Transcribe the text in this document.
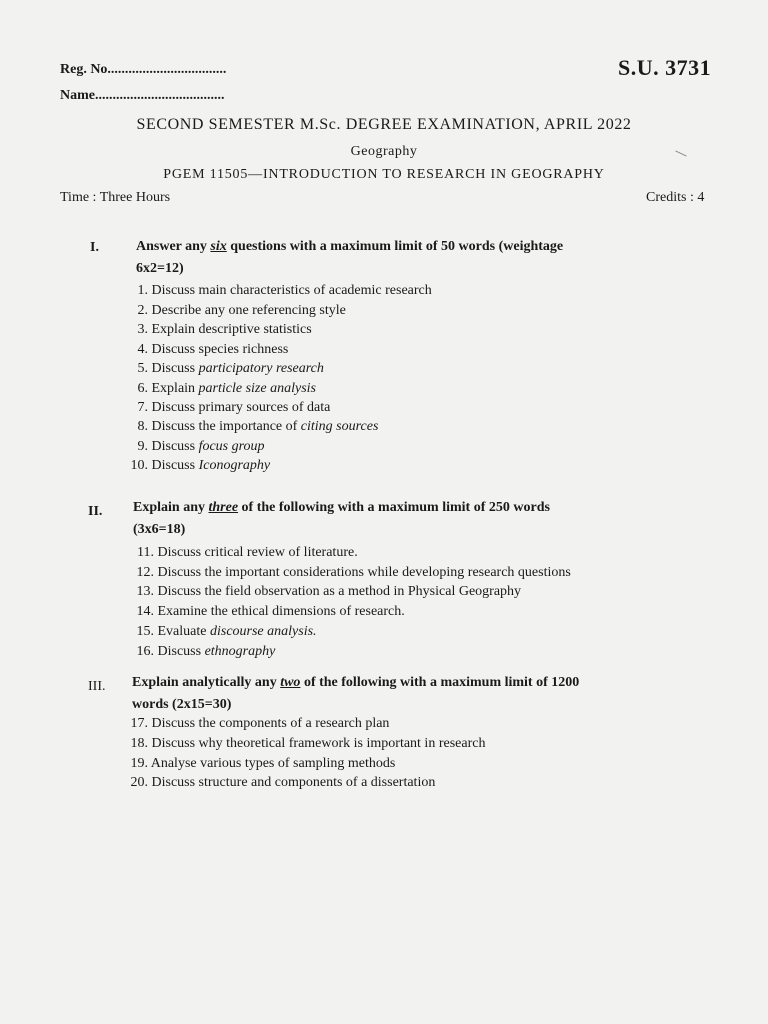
Reg. No..................................
Name.....................................
S.U. 3731
SECOND SEMESTER M.Sc. DEGREE EXAMINATION, APRIL 2022
Geography
PGEM 11505—INTRODUCTION TO RESEARCH IN GEOGRAPHY
Time : Three Hours	Credits : 4
I.	Answer any six questions with a maximum limit of 50 words (weightage
6x2=12)
1. Discuss main characteristics of academic research
2. Describe any one referencing style
3. Explain descriptive statistics
4. Discuss species richness
5. Discuss participatory research
6. Explain particle size analysis
7. Discuss primary sources of data
8. Discuss the importance of citing sources
9. Discuss focus group
10. Discuss Iconography
II. Explain any three of the following with a maximum limit of 250 words
(3x6=18)
11. Discuss critical review of literature.
12. Discuss the important considerations while developing research questions
13. Discuss the field observation as a method in Physical Geography
14. Examine the ethical dimensions of research.
15. Evaluate discourse analysis.
16. Discuss ethnography
III. Explain analytically any two of the following with a maximum limit of 1200
words (2x15=30)
17. Discuss the components of a research plan
18. Discuss why theoretical framework is important in research
19. Analyse various types of sampling methods
20. Discuss structure and components of a dissertation
